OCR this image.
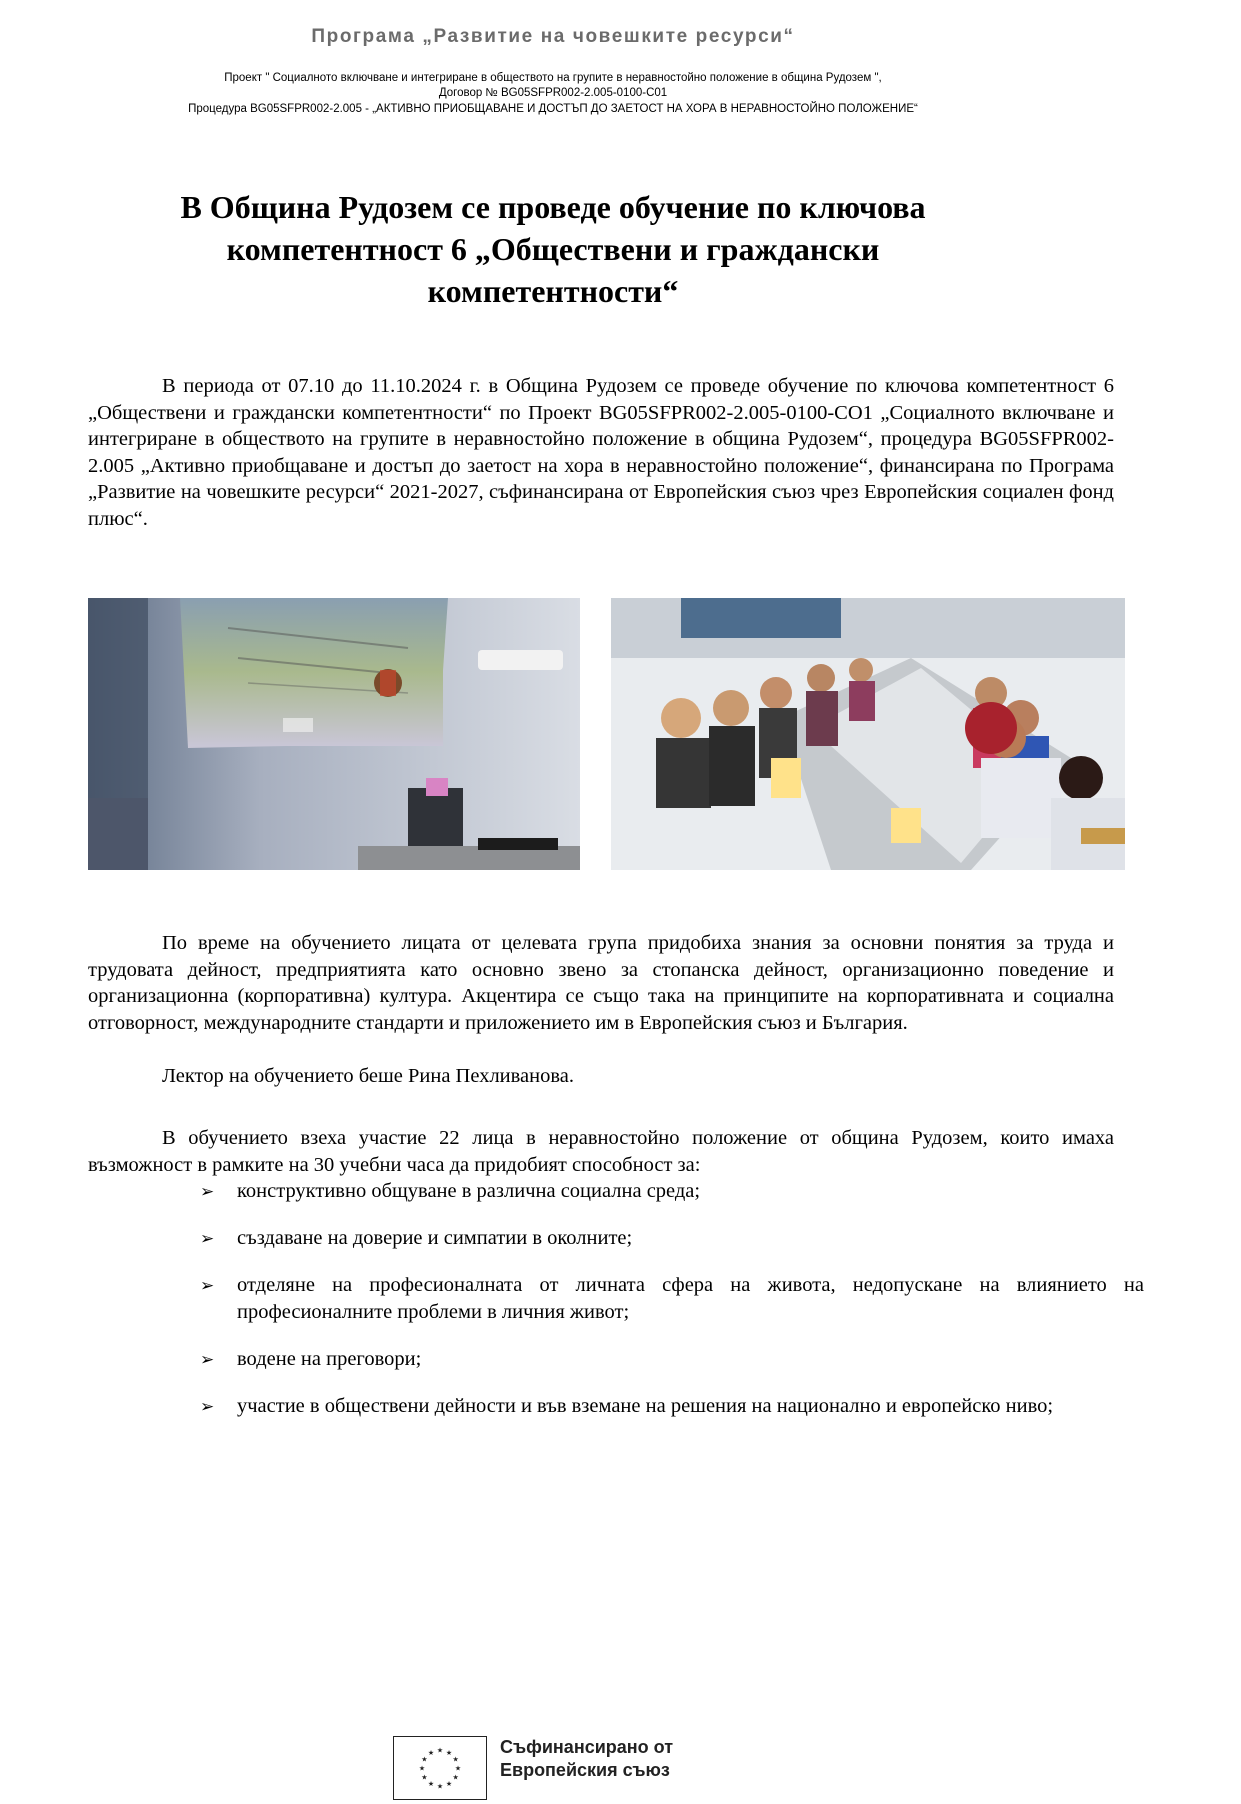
Програма „Развитие на човешките ресурси“
Проект " Социалното включване и интегриране в обществото на групите в неравностойно положение в община Рудозем ",
Договор № BG05SFPR002-2.005-0100-C01
Процедура BG05SFPR002-2.005 - „АКТИВНО ПРИОБЩАВАНЕ И ДОСТЪП ДО ЗАЕТОСТ НА ХОРА В НЕРАВНОСТОЙНО ПОЛОЖЕНИЕ“
В Община Рудозем се проведе обучение по ключова
компетентност 6 „Обществени и граждански
компетентности“
В периода от 07.10 до 11.10.2024 г. в Община Рудозем се проведе обучение по ключова компетентност 6 „Обществени и граждански компетентности“ по Проект BG05SFPR002-2.005-0100-CO1 „Социалното включване и интегриране в обществото на групите в неравностойно положение в община Рудозем“, процедура BG05SFPR002-2.005 „Активно приобщаване и достъп до заетост на хора в неравностойно положение“, финансирана по Програма „Развитие на човешките ресурси“ 2021-2027, съфинансирана от Европейския съюз чрез Европейския социален фонд плюс“.
По време на обучението лицата от целевата група придобиха знания за основни понятия за труда и трудовата дейност, предприятията като основно звено за стопанска дейност, организационно поведение и организационна (корпоративна) култура. Акцентира се също така на принципите на корпоративната и социална отговорност, международните стандарти и приложението им в Европейския съюз и България.
Лектор на обучението беше Рина Пехливанова.
В обучението взеха участие 22 лица в неравностойно положение от община Рудозем, които имаха възможност в рамките на 30 учебни часа да придобият способност за:
➢ конструктивно общуване в различна социална среда;
➢ създаване на доверие и симпатии в околните;
➢ отделяне на професионалната от личната сфера на живота, недопускане на влиянието на професионалните проблеми в личния живот;
➢ водене на преговори;
➢ участие в обществени дейности и във вземане на решения на национално и европейско ниво;
★ ★
★
★
★
★
★
★
★
★
★
★	Съфинансирано от
Европейския съюз
